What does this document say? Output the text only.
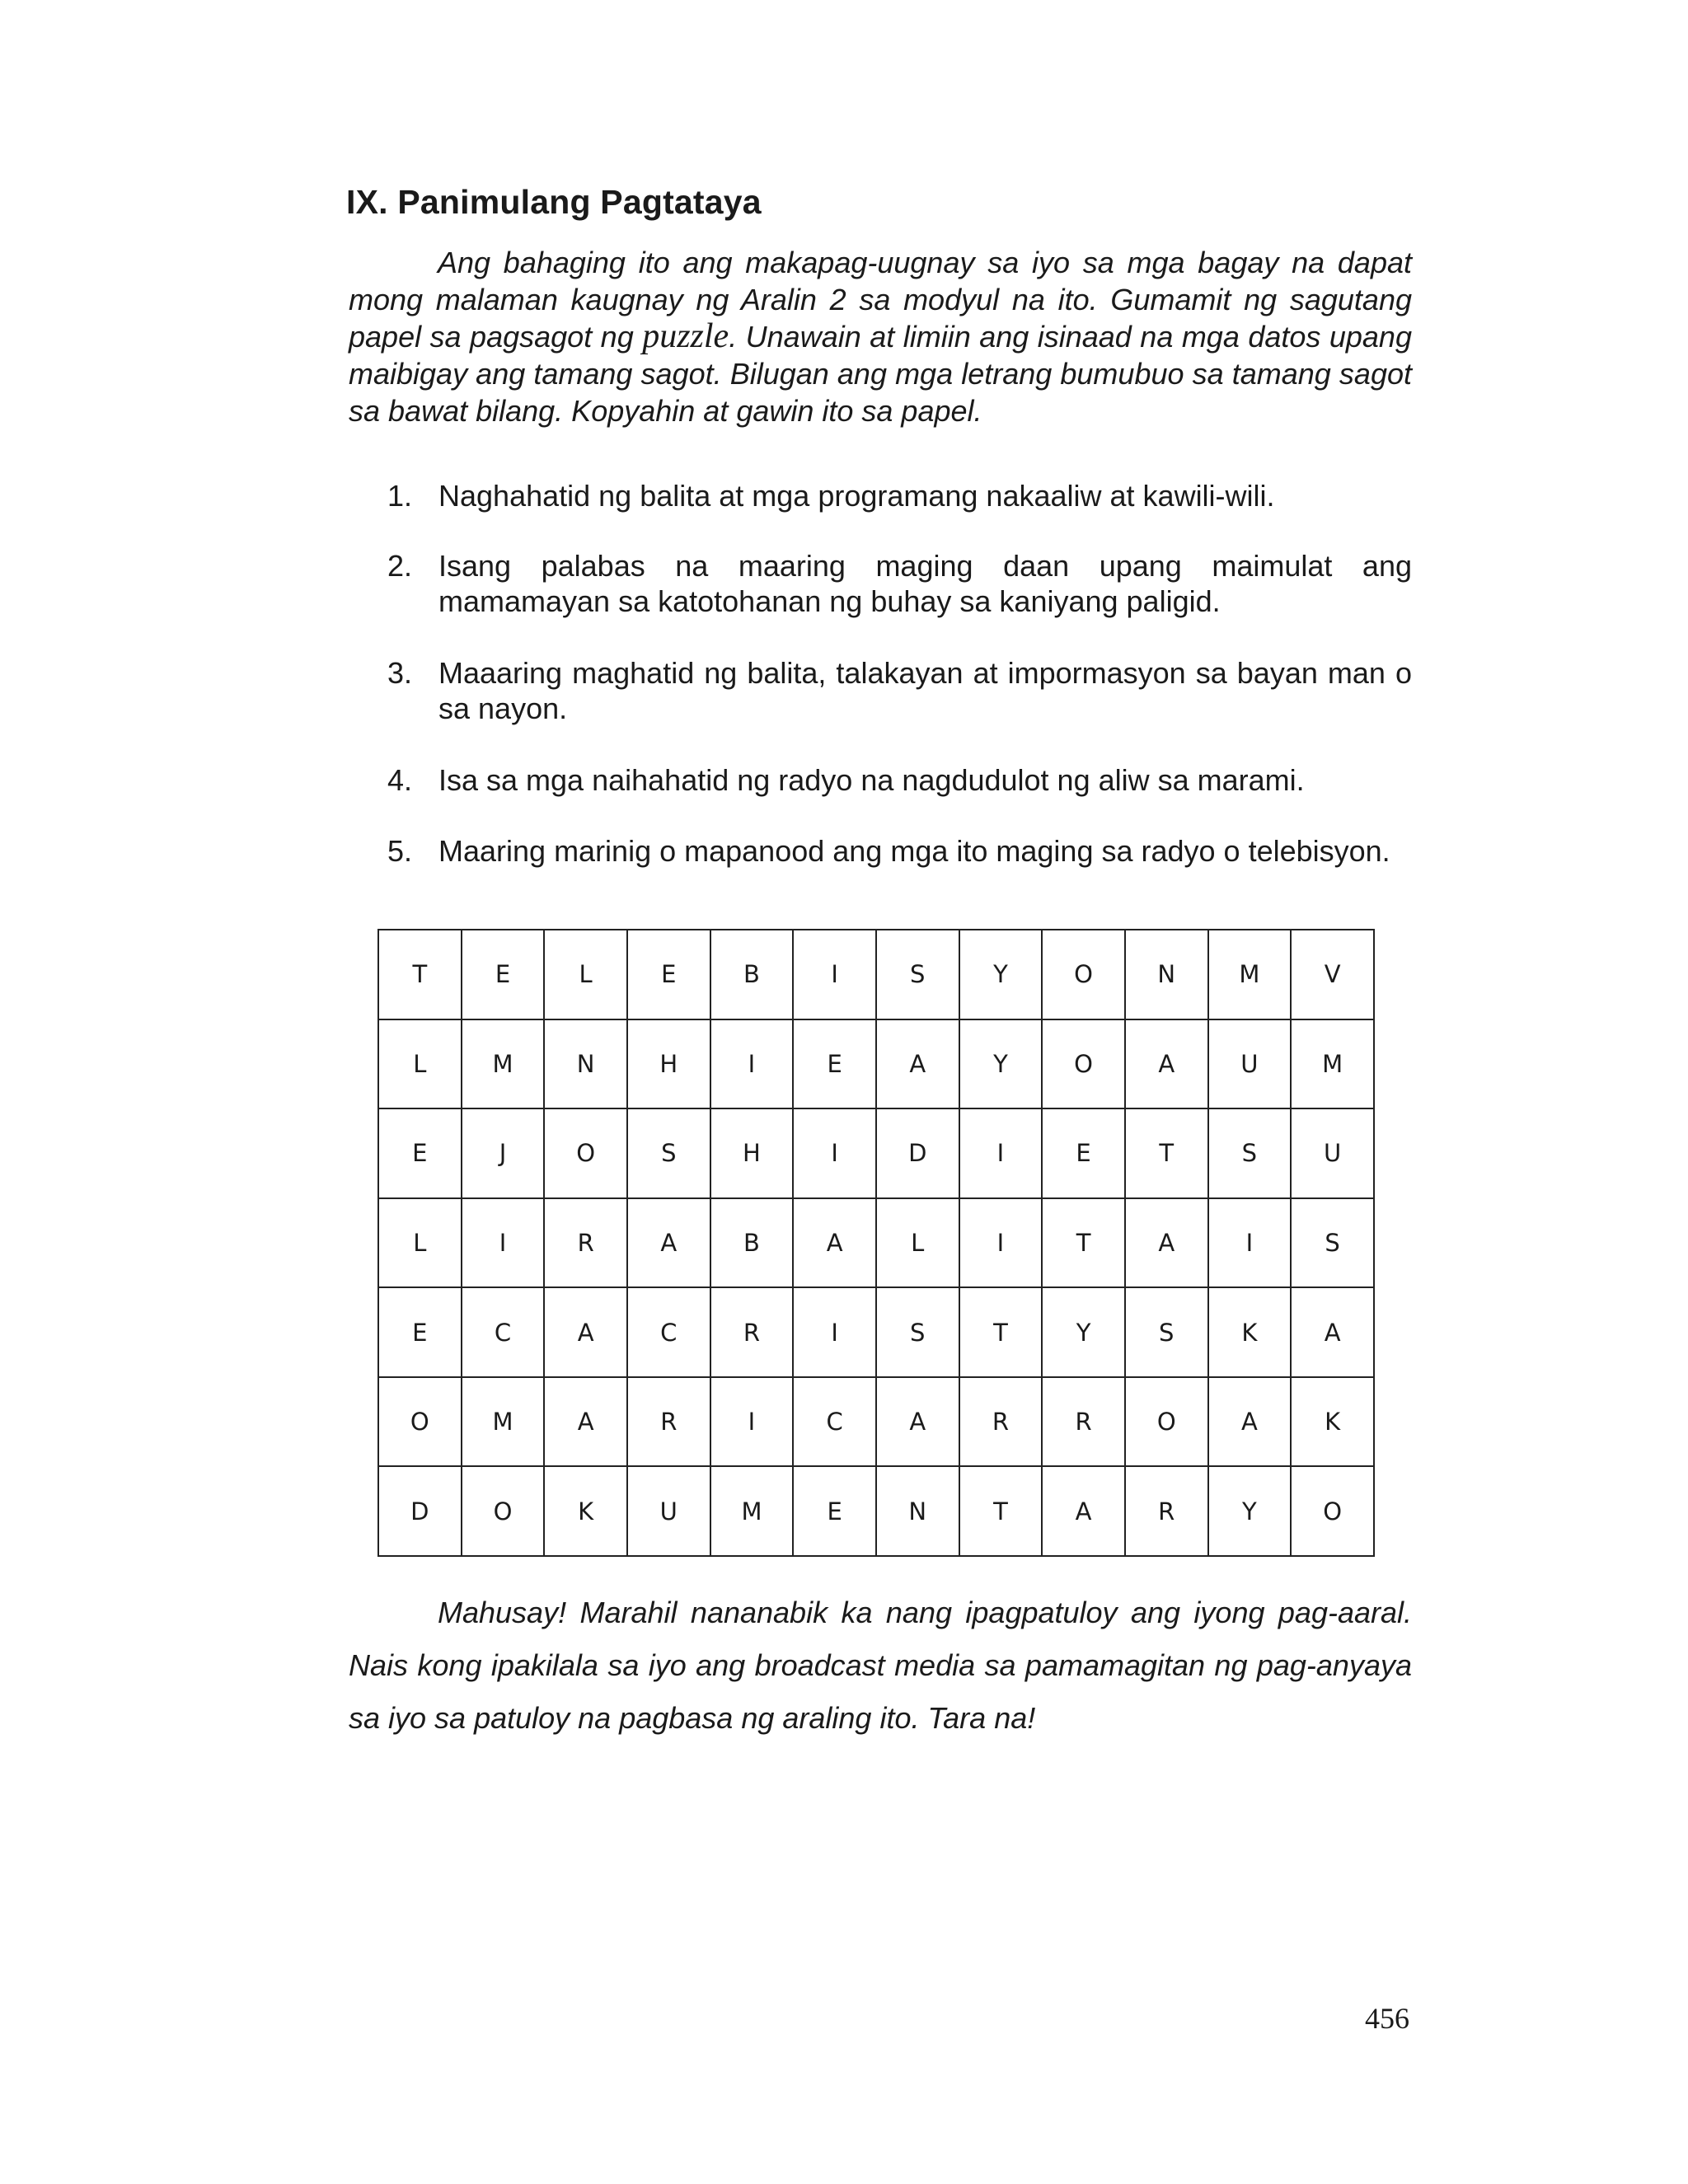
IX. Panimulang Pagtataya

Ang bahaging ito ang makapag-uugnay sa iyo sa mga bagay na dapat mong malaman kaugnay ng Aralin 2 sa modyul na ito. Gumamit ng sagutang papel sa pagsagot ng puzzle. Unawain at limiin ang isinaad na mga datos upang maibigay ang tamang sagot. Bilugan ang mga letrang bumubuo sa tamang sagot sa bawat bilang. Kopyahin at gawin ito sa papel.

1. Naghahatid ng balita at mga programang nakaaliw at kawili-wili.
2. Isang palabas na maaring maging daan upang maimulat ang mamamayan sa katotohanan ng buhay sa kaniyang paligid.
3. Maaaring maghatid ng balita, talakayan at impormasyon sa bayan man o sa nayon.
4. Isa sa mga naihahatid ng radyo na nagdudulot ng aliw sa marami.
5. Maaring marinig o mapanood ang mga ito maging sa radyo o telebisyon.
T	E	L	E	B	I	S	Y	O	N	M	V
L	M	N	H	I	E	A	Y	O	A	U	M
E	J	O	S	H	I	D	I	E	T	S	U
L	I	R	A	B	A	L	I	T	A	I	S
E	C	A	C	R	I	S	T	Y	S	K	A
O	M	A	R	I	C	A	R	R	O	A	K
D	O	K	U	M	E	N	T	A	R	Y	O

Mahusay! Marahil nananabik ka nang ipagpatuloy ang iyong pag-aaral. Nais kong ipakilala sa iyo ang broadcast media sa pamamagitan ng pag-anyaya sa iyo sa patuloy na pagbasa ng araling ito. Tara na!

456
